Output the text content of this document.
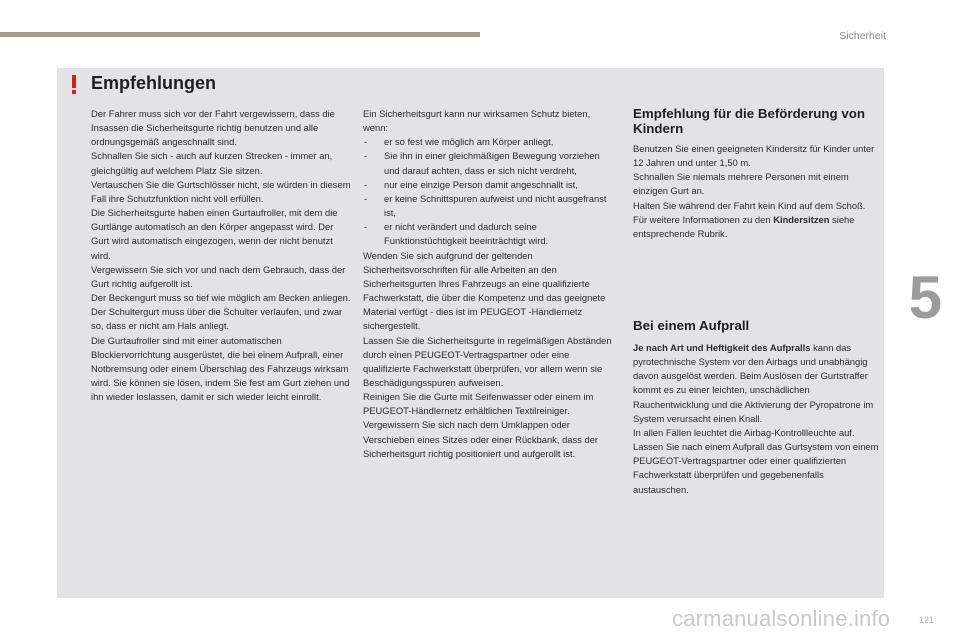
Sicherheit
5
121
Empfehlungen

Der Fahrer muss sich vor der Fahrt vergewissern, dass die Insassen die Sicherheitsgurte richtig benutzen und alle ordnungsgemäß angeschnallt sind.

Schnallen Sie sich - auch auf kurzen Strecken - immer an, gleichgültig auf welchem Platz Sie sitzen.

Vertauschen Sie die Gurtschlösser nicht, sie würden in diesem Fall ihre Schutzfunktion nicht voll erfüllen.

Die Sicherheitsgurte haben einen Gurtaufroller, mit dem die Gurtlänge automatisch an den Körper angepasst wird. Der Gurt wird automatisch eingezogen, wenn der nicht benutzt wird.

Vergewissern Sie sich vor und nach dem Gebrauch, dass der Gurt richtig aufgerollt ist.

Der Beckengurt muss so tief wie möglich am Becken anliegen.

Der Schultergurt muss über die Schulter verlaufen, und zwar so, dass er nicht am Hals anliegt.

Die Gurtaufroller sind mit einer automatischen Blockiervorrichtung ausgerüstet, die bei einem Aufprall, einer Notbremsung oder einem Überschlag des Fahrzeugs wirksam wird. Sie können sie lösen, indem Sie fest am Gurt ziehen und ihn wieder loslassen, damit er sich wieder leicht einrollt.

Ein Sicherheitsgurt kann nur wirksamen Schutz bieten, wenn:

- er so fest wie möglich am Körper anliegt,

- Sie ihn in einer gleichmäßigen Bewegung vorziehen und darauf achten, dass er sich nicht verdreht,

- nur eine einzige Person damit angeschnallt ist,

- er keine Schnittspuren aufweist und nicht ausgefranst ist,

- er nicht verändert und dadurch seine Funktionstüchtigkeit beeinträchtigt wird.

Wenden Sie sich aufgrund der geltenden Sicherheitsvorschriften für alle Arbeiten an den Sicherheitsgurten Ihres Fahrzeugs an eine qualifizierte Fachwerkstatt, die über die Kompetenz und das geeignete Material verfügt - dies ist im PEUGEOT -Händlernetz sichergestellt.

Lassen Sie die Sicherheitsgurte in regelmäßigen Abständen durch einen PEUGEOT-Vertragspartner oder eine qualifizierte Fachwerkstatt überprüfen, vor allem wenn sie Beschädigungsspuren aufweisen.

Reinigen Sie die Gurte mit Seifenwasser oder einem im PEUGEOT-Händlernetz erhältlichen Textilreiniger.

Vergewissern Sie sich nach dem Umklappen oder Verschieben eines Sitzes oder einer Rückbank, dass der Sicherheitsgurt richtig positioniert und aufgerollt ist.

Empfehlung für die Beförderung von Kindern

Benutzen Sie einen geeigneten Kindersitz für Kinder unter 12 Jahren und unter 1,50 m.

Schnallen Sie niemals mehrere Personen mit einem einzigen Gurt an.

Halten Sie während der Fahrt kein Kind auf dem Schoß.

Für weitere Informationen zu den Kindersitzen siehe entsprechende Rubrik.

Bei einem Aufprall

Je nach Art und Heftigkeit des Aufpralls kann das pyrotechnische System vor den Airbags und unabhängig davon ausgelöst werden. Beim Auslösen der Gurtstraffer kommt es zu einer leichten, unschädlichen Rauchentwicklung und die Aktivierung der Pyropatrone im System verursacht einen Knall.

In allen Fällen leuchtet die Airbag-Kontrollleuchte auf.

Lassen Sie nach einem Aufprall das Gurtsystem von einem PEUGEOT-Vertragspartner oder einer qualifizierten Fachwerkstatt überprüfen und gegebenenfalls austauschen.

carmanualsonline.info
